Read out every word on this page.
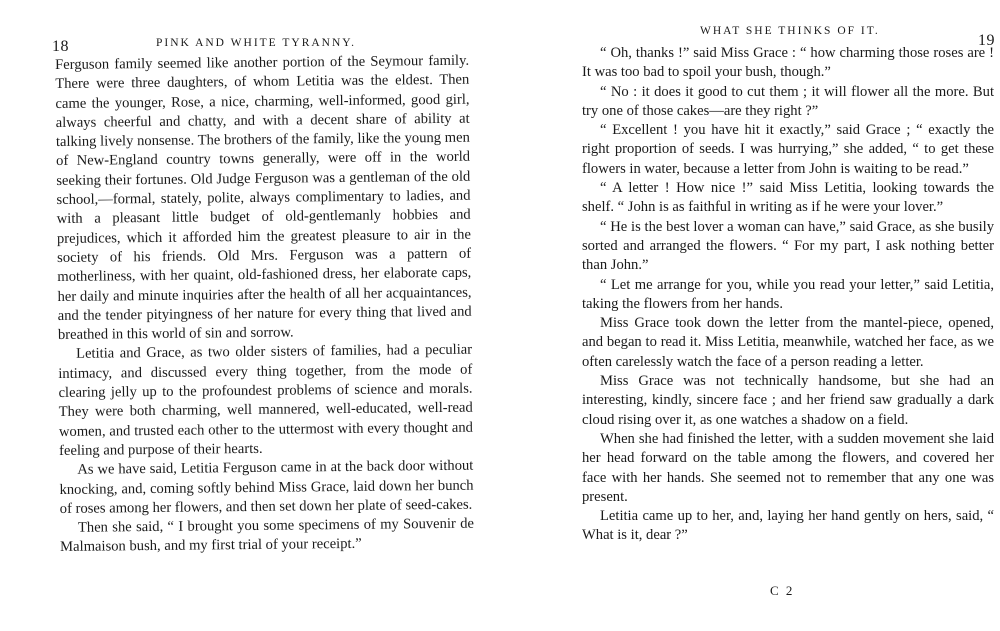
18	PINK AND WHITE TYRANNY.

Ferguson family seemed like another portion of the Seymour family. There were three daughters, of whom Letitia was the eldest. Then came the younger, Rose, a nice, charming, well-informed, good girl, always cheerful and chatty, and with a decent share of ability at talking lively nonsense. The brothers of the family, like the young men of New-England country towns generally, were off in the world seeking their fortunes. Old Judge Ferguson was a gentleman of the old school,—formal, stately, polite, always complimentary to ladies, and with a pleasant little budget of old-gentlemanly hobbies and prejudices, which it afforded him the greatest pleasure to air in the society of his friends. Old Mrs. Ferguson was a pattern of motherliness, with her quaint, old-fashioned dress, her elaborate caps, her daily and minute inquiries after the health of all her acquaintances, and the tender pityingness of her nature for every thing that lived and breathed in this world of sin and sorrow.

Letitia and Grace, as two older sisters of families, had a peculiar intimacy, and discussed every thing together, from the mode of clearing jelly up to the profoundest problems of science and morals. They were both charming, well mannered, well-educated, well-read women, and trusted each other to the uttermost with every thought and feeling and purpose of their hearts.

As we have said, Letitia Ferguson came in at the back door without knocking, and, coming softly behind Miss Grace, laid down her bunch of roses among her flowers, and then set down her plate of seed-cakes.

Then she said, “ I brought you some specimens of my Souvenir de Malmaison bush, and my first trial of your receipt.”

WHAT SHE THINKS OF IT.
19

“ Oh, thanks !” said Miss Grace : “ how charming those roses are ! It was too bad to spoil your bush, though.”

“ No : it does it good to cut them ; it will flower all the more. But try one of those cakes—are they right ?”

“ Excellent ! you have hit it exactly,” said Grace ; “ exactly the right proportion of seeds. I was hurrying,” she added, “ to get these flowers in water, because a letter from John is waiting to be read.”

“ A letter ! How nice !” said Miss Letitia, looking towards the shelf. “ John is as faithful in writing as if he were your lover.”

“ He is the best lover a woman can have,” said Grace, as she busily sorted and arranged the flowers. “ For my part, I ask nothing better than John.”

“ Let me arrange for you, while you read your letter,” said Letitia, taking the flowers from her hands.

Miss Grace took down the letter from the mantel-piece, opened, and began to read it. Miss Letitia, meanwhile, watched her face, as we often carelessly watch the face of a person reading a letter.

Miss Grace was not technically handsome, but she had an interesting, kindly, sincere face ; and her friend saw gradually a dark cloud rising over it, as one watches a shadow on a field.

When she had finished the letter, with a sudden movement she laid her head forward on the table among the flowers, and covered her face with her hands. She seemed not to remember that any one was present.

Letitia came up to her, and, laying her hand gently on hers, said, “ What is it, dear ?”

C 2
